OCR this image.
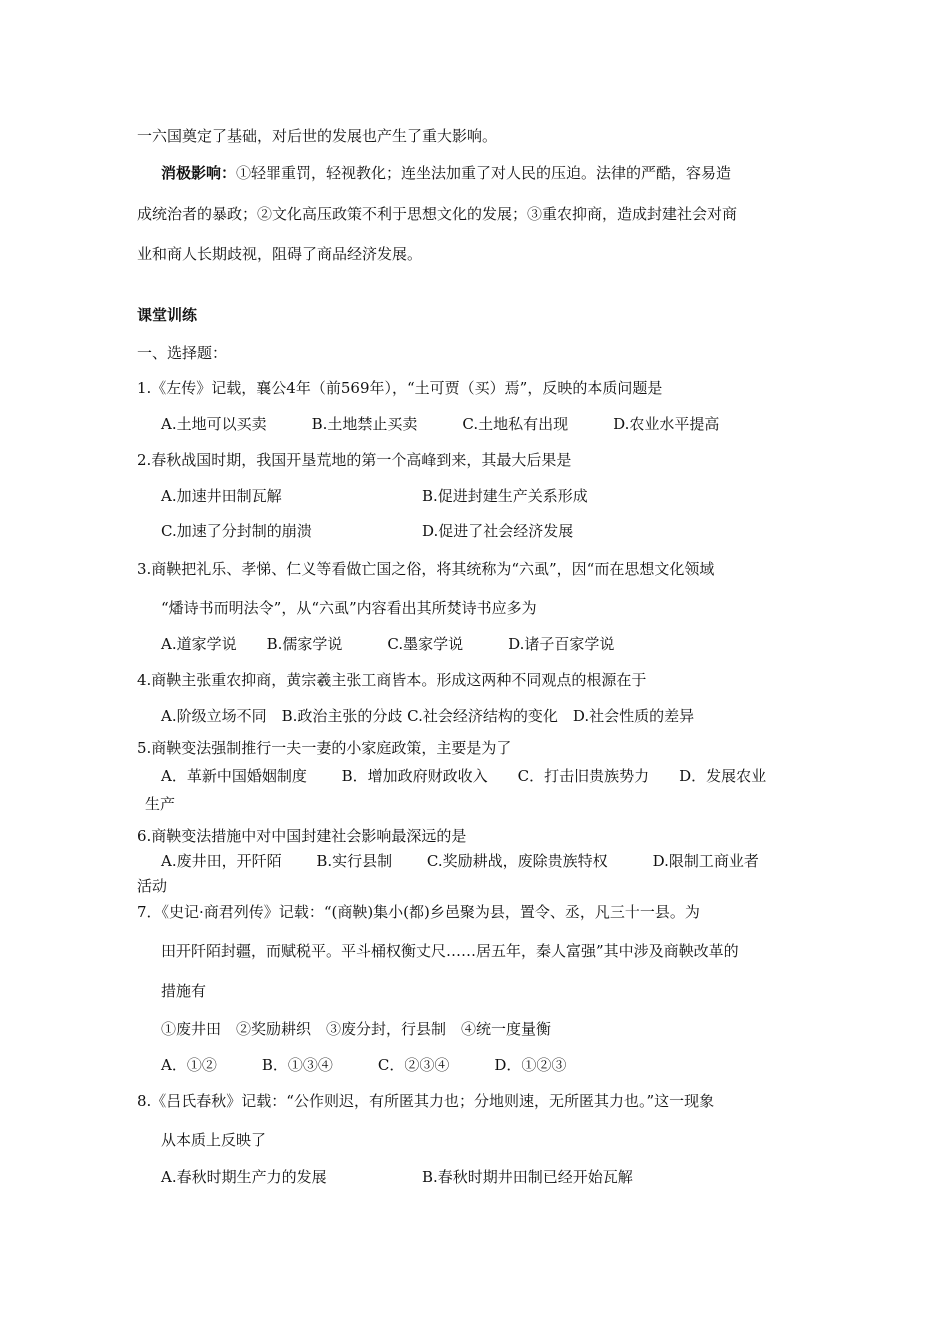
一六国奠定了基础，对后世的发展也产生了重大影响。
消极影响：①轻罪重罚，轻视教化；连坐法加重了对人民的压迫。法律的严酷，容易造
成统治者的暴政；②文化高压政策不利于思想文化的发展；③重农抑商，造成封建社会对商
业和商人长期歧视，阻碍了商品经济发展。
课堂训练
一、选择题：
1.《左传》记载，襄公4年（前569年），“土可贾（买）焉”，反映的本质问题是
A.土地可以买卖　　　B.土地禁止买卖　　　C.土地私有出现　　　D.农业水平提高
2.春秋战国时期，我国开垦荒地的第一个高峰到来，其最大后果是
A.加速井田制瓦解	B.促进封建生产关系形成
C.加速了分封制的崩溃	D.促进了社会经济发展
3.商鞅把礼乐、孝悌、仁义等看做亡国之俗，将其统称为“六虱”，因“而在思想文化领域
“燔诗书而明法令”，从“六虱”内容看出其所焚诗书应多为
A.道家学说　　B.儒家学说　　　C.墨家学说　　　D.诸子百家学说
4.商鞅主张重农抑商，黄宗羲主张工商皆本。形成这两种不同观点的根源在于
A.阶级立场不同　B.政治主张的分歧 C.社会经济结构的变化　D.社会性质的差异
5.商鞅变法强制推行一夫一妻的小家庭政策，主要是为了
A．革新中国婚姻制度　　 B．增加政府财政收入　　C．打击旧贵族势力　　D．发展农业
生产
6.商鞅变法措施中对中国封建社会影响最深远的是
A.废井田，开阡陌　　 B.实行县制　　 C.奖励耕战，废除贵族特权　　　D.限制工商业者
活动
7．《史记·商君列传》记载：“(商鞅)集小(都)乡邑聚为县，置令、丞，凡三十一县。为
田开阡陌封疆，而赋税平。平斗桶权衡丈尺……居五年，秦人富强”其中涉及商鞅改革的
措施有
①废井田　②奖励耕织　③废分封，行县制　④统一度量衡
A．①②　　　B．①③④　　　C．②③④　　　D．①②③
8.《吕氏春秋》记载：“公作则迟，有所匿其力也；分地则速，无所匿其力也。”这一现象
从本质上反映了
A.春秋时期生产力的发展	B.春秋时期井田制已经开始瓦解
